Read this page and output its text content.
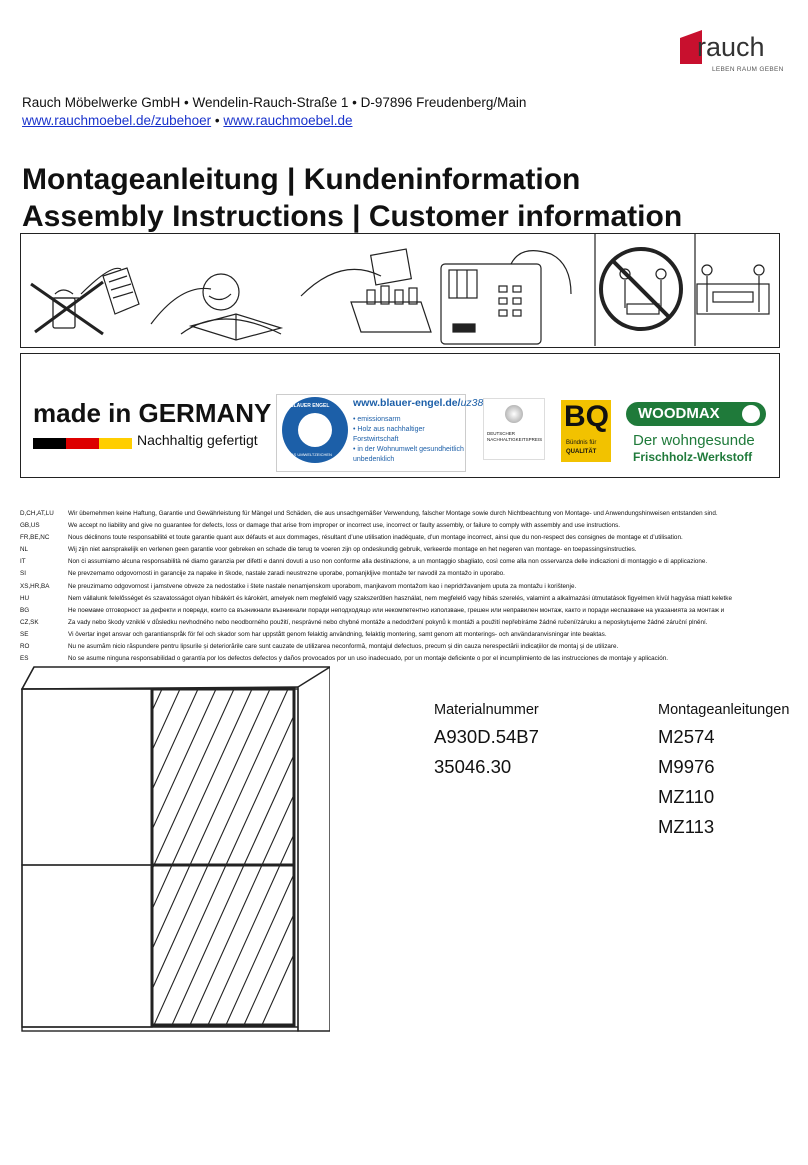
rauch
LEBEN RAUM GEBEN
Rauch Möbelwerke GmbH • Wendelin-Rauch-Straße 1 • D-97896 Freudenberg/Main
www.rauchmoebel.de/zubehoer • www.rauchmoebel.de
Montageanleitung | Kundeninformation
Assembly Instructions | Customer information
made in GERMANY
Nachhaltig gefertigt
BLAUER ENGEL
DAS UMWELTZEICHEN
www.blauer-engel.de/uz38
• emissionsarm
• Holz aus nachhaltiger Forstwirtschaft
• in der Wohnumwelt gesundheitlich unbedenklich
DEUTSCHER
NACHHALTIGKEITSPREIS
BQ
Bündnis für
QUALITÄT
WOODMAX
Der wohngesunde
Frischholz-Werkstoff
D,CH,AT,LU Wir übernehmen keine Haftung, Garantie und Gewährleistung für Mängel und Schäden, die aus unsachgemäßer Verwendung, falscher Montage sowie durch Nichtbeachtung von Montage- und Anwendungshinweisen entstanden sind.
GB,US	We accept no liability and give no guarantee for defects, loss or damage that arise from improper or incorrect use, incorrect or faulty assembly, or failure to comply with assembly and use instructions.
FR,BE,NC	Nous déclinons toute responsabilité et toute garantie quant aux défauts et aux dommages, résultant d’une utilisation inadéquate, d’un montage incorrect, ainsi que du non-respect des consignes de montage et d’utilisation.
NL	Wij zijn niet aansprakelijk en verlenen geen garantie voor gebreken en schade die terug te voeren zijn op ondeskundig gebruik, verkeerde montage en het negeren van montage- en toepassingsinstructies.
IT	Non ci assumiamo alcuna responsabilità né diamo garanzia per difetti e danni dovuti a uso non conforme alla destinazione, a un montaggio sbagliato, così come alla non osservanza delle indicazioni di montaggio e di applicazione.
SI	Ne prevzemamo odgovornosti in garancije za napake in škode, nastale zaradi neustrezne uporabe, pomanjkljive montaže ter navodil za montažo in uporabo.
XS,HR,BA	Ne preuzimamo odgovornost i jamstvene obveze za nedostatke i štete nastale nenamjenskom uporabom, manjkavom montažom kao i nepridržavanjem uputa za montažu i korištenje.
HU	Nem vállalunk felelősséget és szavatosságot olyan hibákért és károkért, amelyek nem megfelelő vagy szakszerűtlen használat, nem megfelelő vagy hibás szerelés, valamint a alkalmazási útmutatások figyelmen kívül hagyása miatt keletke
BG	Не поемаме отговорност за дефекти и повреди, които са възникнали възникнали поради неподходящо или некомпетентно използване, грешен или неправилен монтаж, както и поради неспазване на указанията за монтаж и
CZ,SK	Za vady nebo škody vzniklé v důsledku nevhodného nebo neodborného použití, nesprávné nebo chybné montáže a nedodržení pokynů k montáži a použití nepřebíráme žádné ručení/záruku a neposkytujeme žádné záruční plnění.
SE	Vi övertar inget ansvar och garantianspråk för fel och skador som har uppstått genom felaktig användning, felaktig montering, samt genom att monterings- och användaranvisningar inte beaktas.
RO	Nu ne asumăm nicio răspundere pentru lipsurile și deteriorările care sunt cauzate de utilizarea neconformă, montajul defectuos, precum și din cauza nerespectării indicațiilor de montaj și de utilizare.
ES	No se asume ninguna responsabilidad o garantía por los defectos defectos y daños provocados por un uso inadecuado, por un montaje deficiente o por el incumplimiento de las instrucciones de montaje y aplicación.
Materialnummer
A930D.54B7
35046.30
Montageanleitungen
M2574
M9976
MZ110
MZ113
